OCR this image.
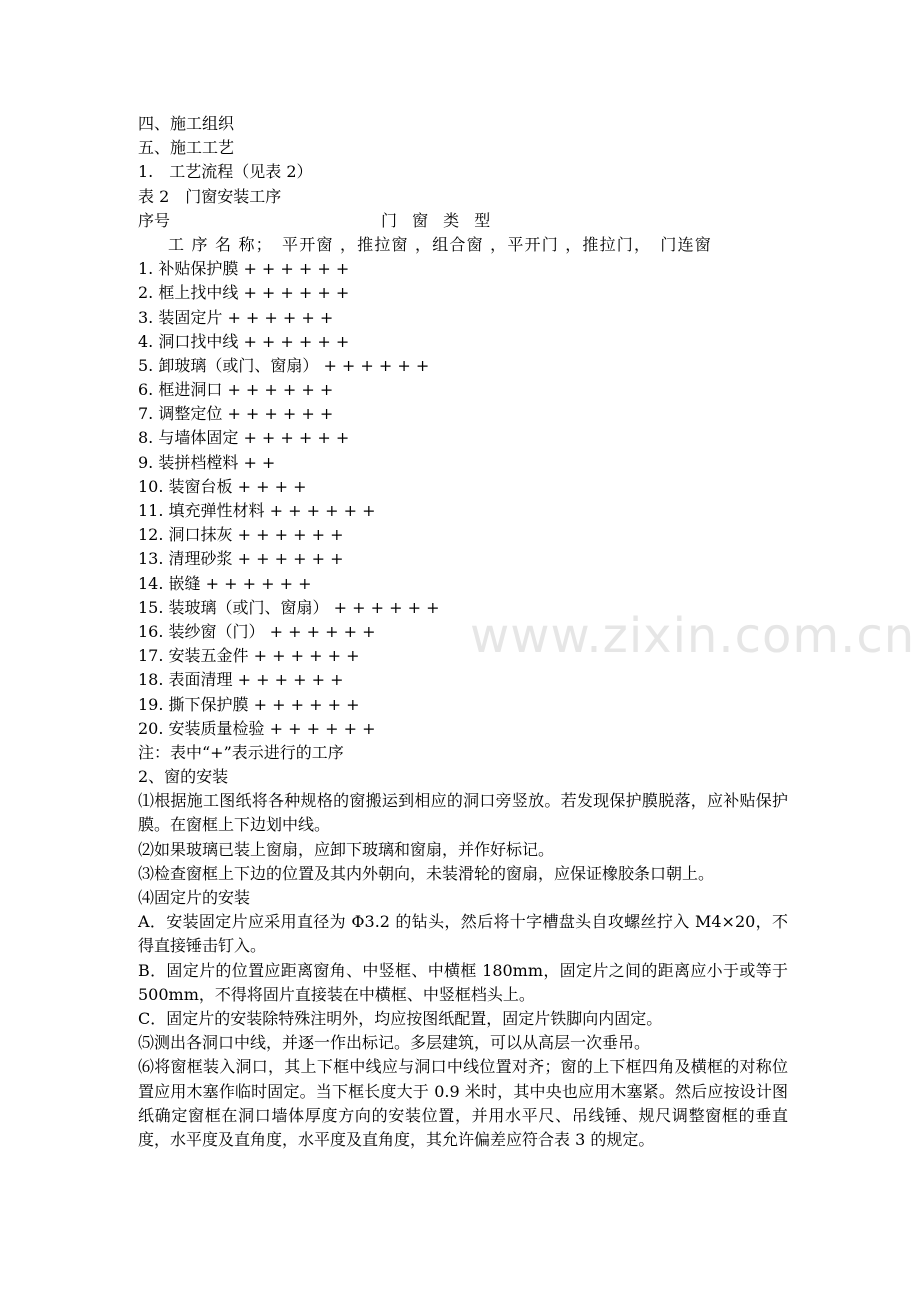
四、施工组织
五、施工工艺
1.　工艺流程（见表 2）
表 2　门窗安装工序
序号	门 窗 类 型
工 序 名 称；　平开窗 ，推拉窗 ，组合窗 ，平开门 ，推拉门，　门连窗
1. 补贴保护膜 + + + + + +
2. 框上找中线 + + + + + +
3. 装固定片 + + + + + +
4. 洞口找中线 + + + + + +
5. 卸玻璃（或门、窗扇） + + + + + +
6. 框进洞口 + + + + + +
7. 调整定位 + + + + + +
8. 与墙体固定 + + + + + +
9. 装拼档樘料 + +
10. 装窗台板 + + + +
11. 填充弹性材料 + + + + + +
12. 洞口抹灰 + + + + + +
13. 清理砂浆 + + + + + +
14. 嵌缝 + + + + + +
15. 装玻璃（或门、窗扇） + + + + + +
16. 装纱窗（门） + + + + + +
17. 安装五金件 + + + + + +
18. 表面清理 + + + + + +
19. 撕下保护膜 + + + + + +
20. 安装质量检验 + + + + + +
注：表中“+”表示进行的工序
2、窗的安装
⑴根据施工图纸将各种规格的窗搬运到相应的洞口旁竖放。若发现保护膜脱落，应补贴保护膜。在窗框上下边划中线。
⑵如果玻璃已装上窗扇，应卸下玻璃和窗扇，并作好标记。
⑶检查窗框上下边的位置及其内外朝向，未装滑轮的窗扇，应保证橡胶条口朝上。
⑷固定片的安装
A．安装固定片应采用直径为 Φ3.2 的钻头，然后将十字槽盘头自攻螺丝拧入 M4×20，不得直接锤击钉入。
B．固定片的位置应距离窗角、中竖框、中横框 180mm，固定片之间的距离应小于或等于 500mm，不得将固片直接装在中横框、中竖框档头上。
C．固定片的安装除特殊注明外，均应按图纸配置，固定片铁脚向内固定。
⑸测出各洞口中线，并逐一作出标记。多层建筑，可以从高层一次垂吊。
⑹将窗框装入洞口，其上下框中线应与洞口中线位置对齐；窗的上下框四角及横框的对称位置应用木塞作临时固定。当下框长度大于 0.9 米时，其中央也应用木塞紧。然后应按设计图纸确定窗框在洞口墙体厚度方向的安装位置，并用水平尺、吊线锤、规尺调整窗框的垂直度，水平度及直角度，水平度及直角度，其允许偏差应符合表 3 的规定。
www.zixin.com.cn
